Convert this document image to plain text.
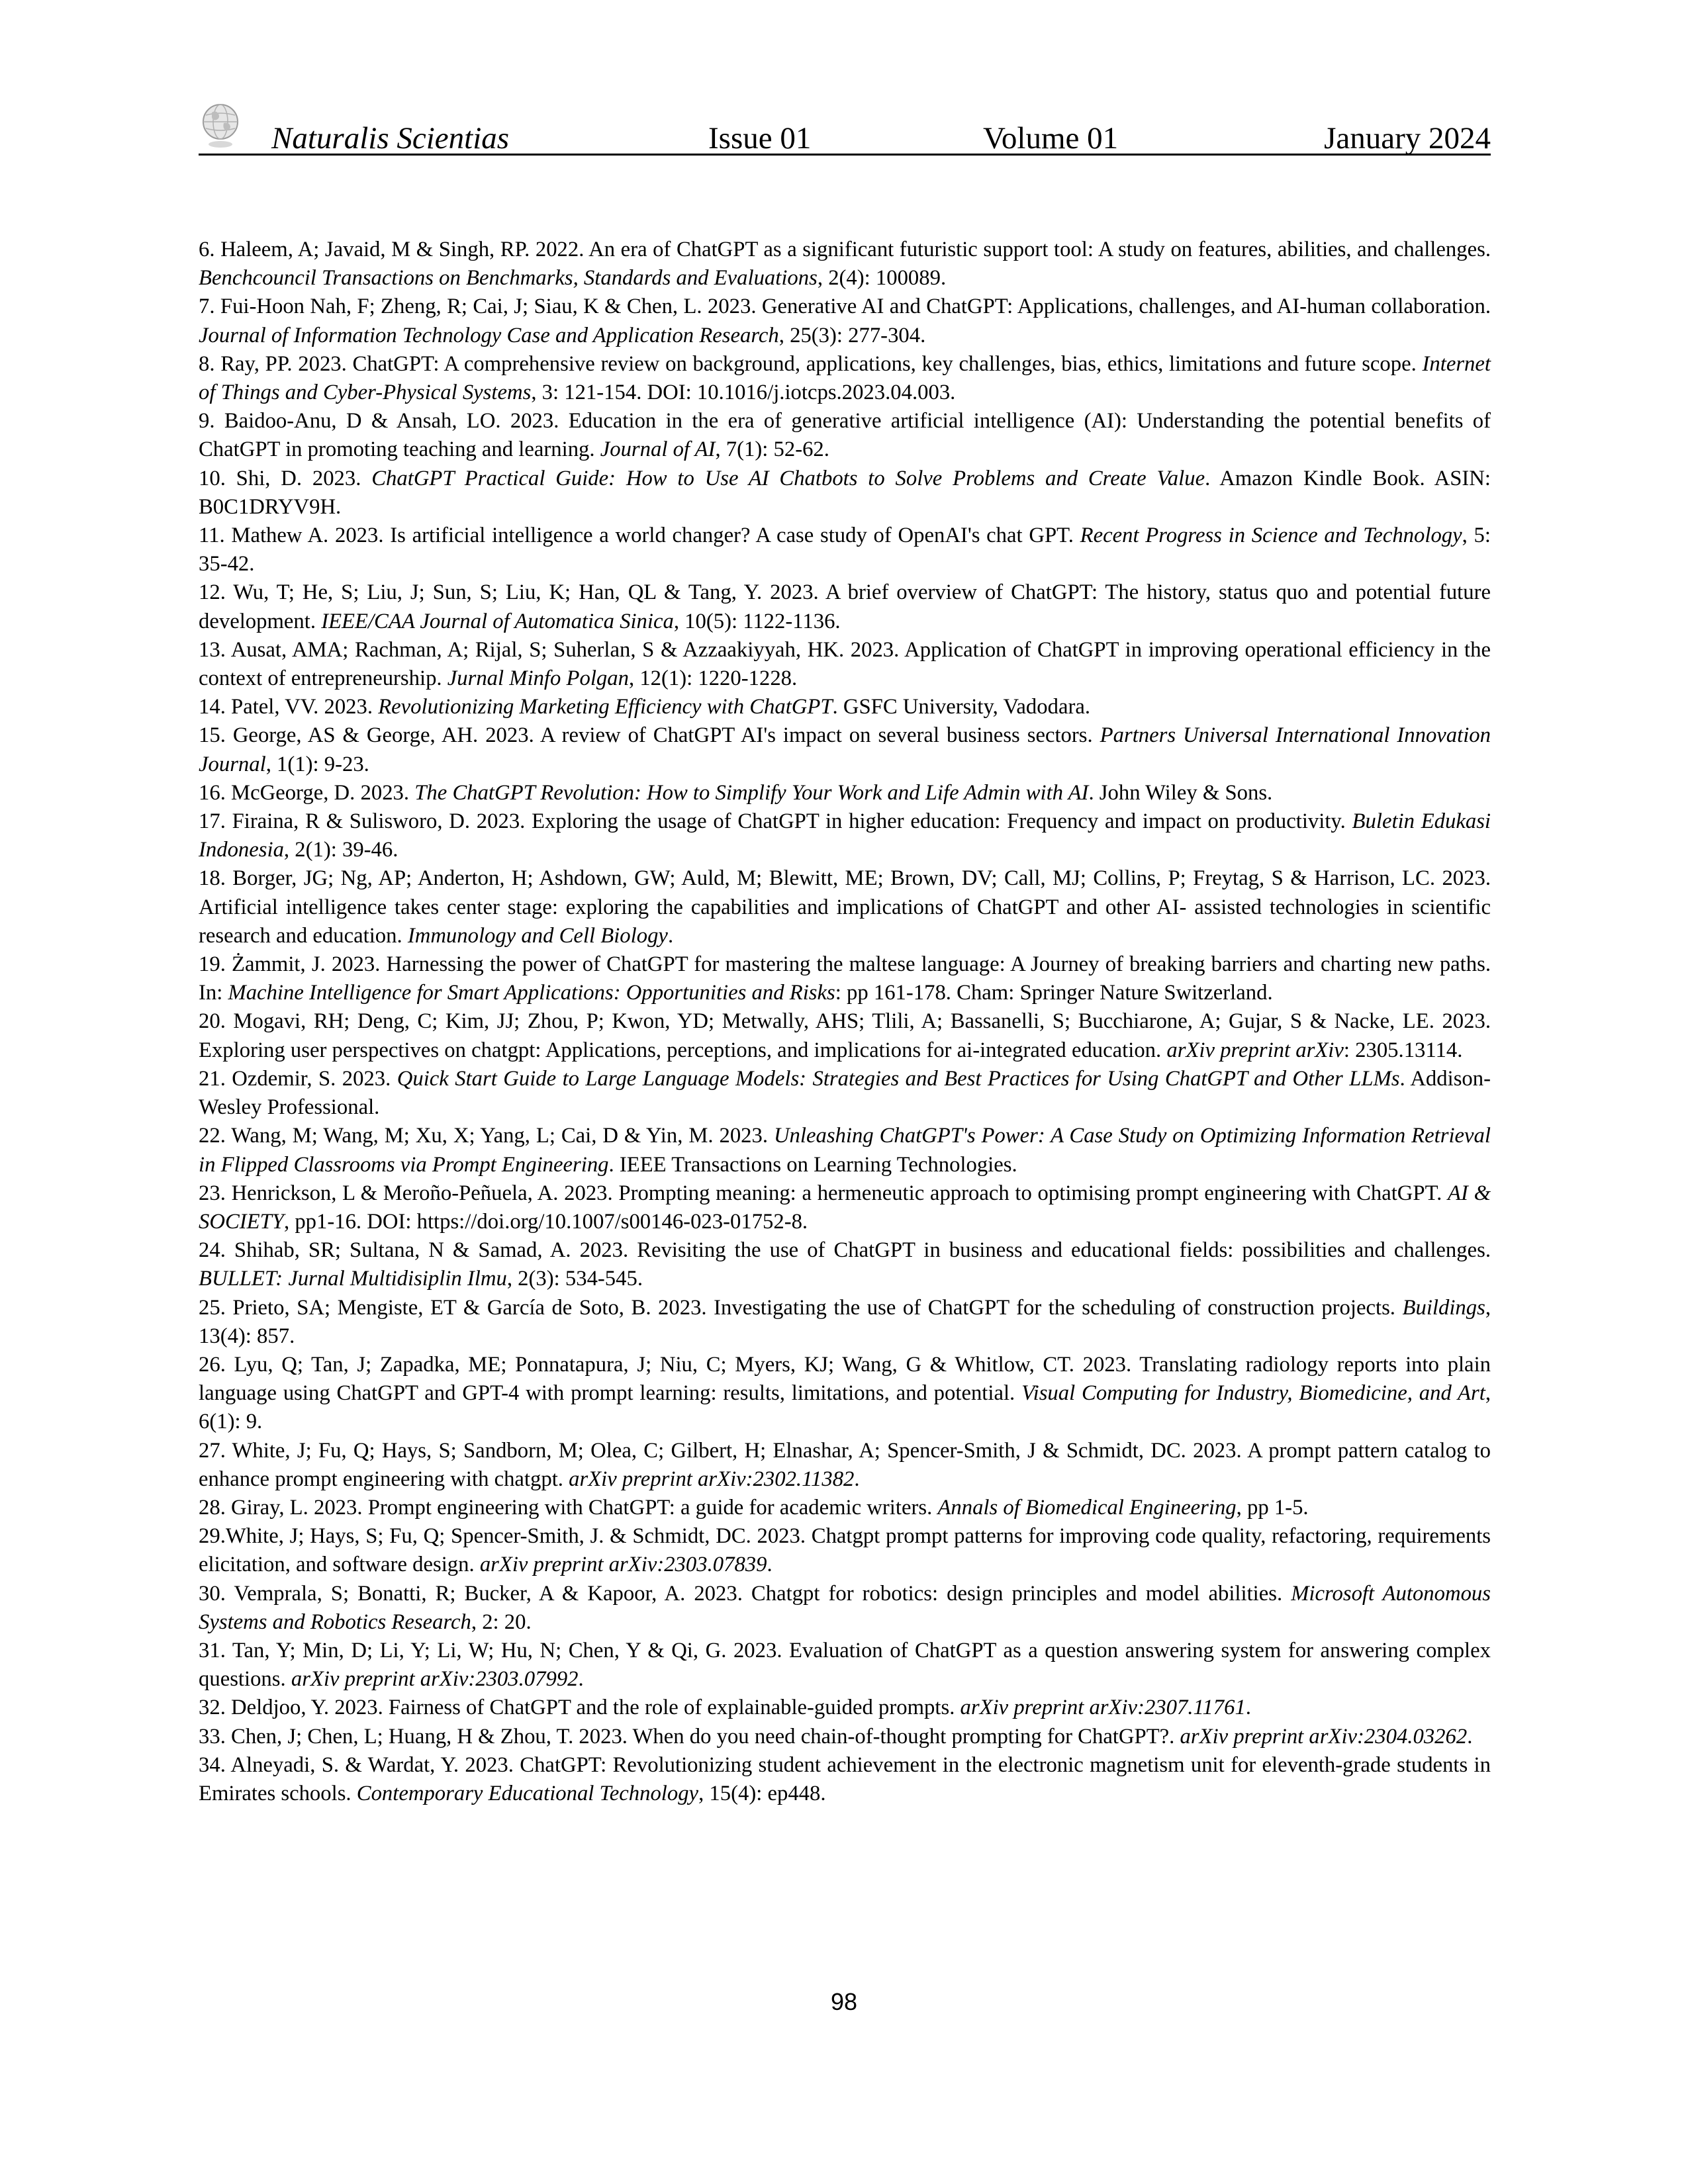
Naturalis Scientias	Issue 01	Volume 01	January 2024

6. Haleem, A; Javaid, M & Singh, RP. 2022. An era of ChatGPT as a significant futuristic support tool: A study on features, abilities, and challenges. Benchcouncil Transactions on Benchmarks, Standards and Evaluations, 2(4): 100089.

7. Fui-Hoon Nah, F; Zheng, R; Cai, J; Siau, K & Chen, L. 2023. Generative AI and ChatGPT: Applications, challenges, and AI-human collaboration. Journal of Information Technology Case and Application Research, 25(3): 277-304.

8. Ray, PP. 2023. ChatGPT: A comprehensive review on background, applications, key challenges, bias, ethics, limitations and future scope. Internet of Things and Cyber-Physical Systems, 3: 121-154. DOI: 10.1016/j.iotcps.2023.04.003.

9. Baidoo-Anu, D & Ansah, LO. 2023. Education in the era of generative artificial intelligence (AI): Understanding the potential benefits of ChatGPT in promoting teaching and learning. Journal of AI, 7(1): 52-62.

10. Shi, D. 2023. ChatGPT Practical Guide: How to Use AI Chatbots to Solve Problems and Create Value. Amazon Kindle Book. ASIN: B0C1DRYV9H.

11. Mathew A. 2023. Is artificial intelligence a world changer? A case study of OpenAI's chat GPT. Recent Progress in Science and Technology, 5: 35-42.

12. Wu, T; He, S; Liu, J; Sun, S; Liu, K; Han, QL & Tang, Y. 2023. A brief overview of ChatGPT: The history, status quo and potential future development. IEEE/CAA Journal of Automatica Sinica, 10(5): 1122-1136.

13. Ausat, AMA; Rachman, A; Rijal, S; Suherlan, S & Azzaakiyyah, HK. 2023. Application of ChatGPT in improving operational efficiency in the context of entrepreneurship. Jurnal Minfo Polgan, 12(1): 1220-1228.

14. Patel, VV. 2023. Revolutionizing Marketing Efficiency with ChatGPT. GSFC University, Vadodara.

15. George, AS & George, AH. 2023. A review of ChatGPT AI's impact on several business sectors. Partners Universal International Innovation Journal, 1(1): 9-23.

16. McGeorge, D. 2023. The ChatGPT Revolution: How to Simplify Your Work and Life Admin with AI. John Wiley & Sons.

17. Firaina, R & Sulisworo, D. 2023. Exploring the usage of ChatGPT in higher education: Frequency and impact on productivity. Buletin Edukasi Indonesia, 2(1): 39-46.

18. Borger, JG; Ng, AP; Anderton, H; Ashdown, GW; Auld, M; Blewitt, ME; Brown, DV; Call, MJ; Collins, P; Freytag, S & Harrison, LC. 2023. Artificial intelligence takes center stage: exploring the capabilities and implications of ChatGPT and other AI- assisted technologies in scientific research and education. Immunology and Cell Biology.

19. Żammit, J. 2023. Harnessing the power of ChatGPT for mastering the maltese language: A Journey of breaking barriers and charting new paths. In: Machine Intelligence for Smart Applications: Opportunities and Risks: pp 161-178. Cham: Springer Nature Switzerland.

20. Mogavi, RH; Deng, C; Kim, JJ; Zhou, P; Kwon, YD; Metwally, AHS; Tlili, A; Bassanelli, S; Bucchiarone, A; Gujar, S & Nacke, LE. 2023. Exploring user perspectives on chatgpt: Applications, perceptions, and implications for ai-integrated education. arXiv preprint arXiv: 2305.13114.

21. Ozdemir, S. 2023. Quick Start Guide to Large Language Models: Strategies and Best Practices for Using ChatGPT and Other LLMs. Addison-Wesley Professional.

22. Wang, M; Wang, M; Xu, X; Yang, L; Cai, D & Yin, M. 2023. Unleashing ChatGPT's Power: A Case Study on Optimizing Information Retrieval in Flipped Classrooms via Prompt Engineering. IEEE Transactions on Learning Technologies.

23. Henrickson, L & Meroño-Peñuela, A. 2023. Prompting meaning: a hermeneutic approach to optimising prompt engineering with ChatGPT. AI & SOCIETY, pp1-16. DOI: https://doi.org/10.1007/s00146-023-01752-8.

24. Shihab, SR; Sultana, N & Samad, A. 2023. Revisiting the use of ChatGPT in business and educational fields: possibilities and challenges. BULLET: Jurnal Multidisiplin Ilmu, 2(3): 534-545.

25. Prieto, SA; Mengiste, ET & García de Soto, B. 2023. Investigating the use of ChatGPT for the scheduling of construction projects. Buildings, 13(4): 857.

26. Lyu, Q; Tan, J; Zapadka, ME; Ponnatapura, J; Niu, C; Myers, KJ; Wang, G & Whitlow, CT. 2023. Translating radiology reports into plain language using ChatGPT and GPT-4 with prompt learning: results, limitations, and potential. Visual Computing for Industry, Biomedicine, and Art, 6(1): 9.

27. White, J; Fu, Q; Hays, S; Sandborn, M; Olea, C; Gilbert, H; Elnashar, A; Spencer-Smith, J & Schmidt, DC. 2023. A prompt pattern catalog to enhance prompt engineering with chatgpt. arXiv preprint arXiv:2302.11382.

28. Giray, L. 2023. Prompt engineering with ChatGPT: a guide for academic writers. Annals of Biomedical Engineering, pp 1-5.

29.White, J; Hays, S; Fu, Q; Spencer-Smith, J. & Schmidt, DC. 2023. Chatgpt prompt patterns for improving code quality, refactoring, requirements elicitation, and software design. arXiv preprint arXiv:2303.07839.

30. Vemprala, S; Bonatti, R; Bucker, A & Kapoor, A. 2023. Chatgpt for robotics: design principles and model abilities. Microsoft Autonomous Systems and Robotics Research, 2: 20.

31. Tan, Y; Min, D; Li, Y; Li, W; Hu, N; Chen, Y & Qi, G. 2023. Evaluation of ChatGPT as a question answering system for answering complex questions. arXiv preprint arXiv:2303.07992.

32. Deldjoo, Y. 2023. Fairness of ChatGPT and the role of explainable-guided prompts. arXiv preprint arXiv:2307.11761.

33. Chen, J; Chen, L; Huang, H & Zhou, T. 2023. When do you need chain-of-thought prompting for ChatGPT?. arXiv preprint arXiv:2304.03262.

34. Alneyadi, S. & Wardat, Y. 2023. ChatGPT: Revolutionizing student achievement in the electronic magnetism unit for eleventh-grade students in Emirates schools. Contemporary Educational Technology, 15(4): ep448.

98
